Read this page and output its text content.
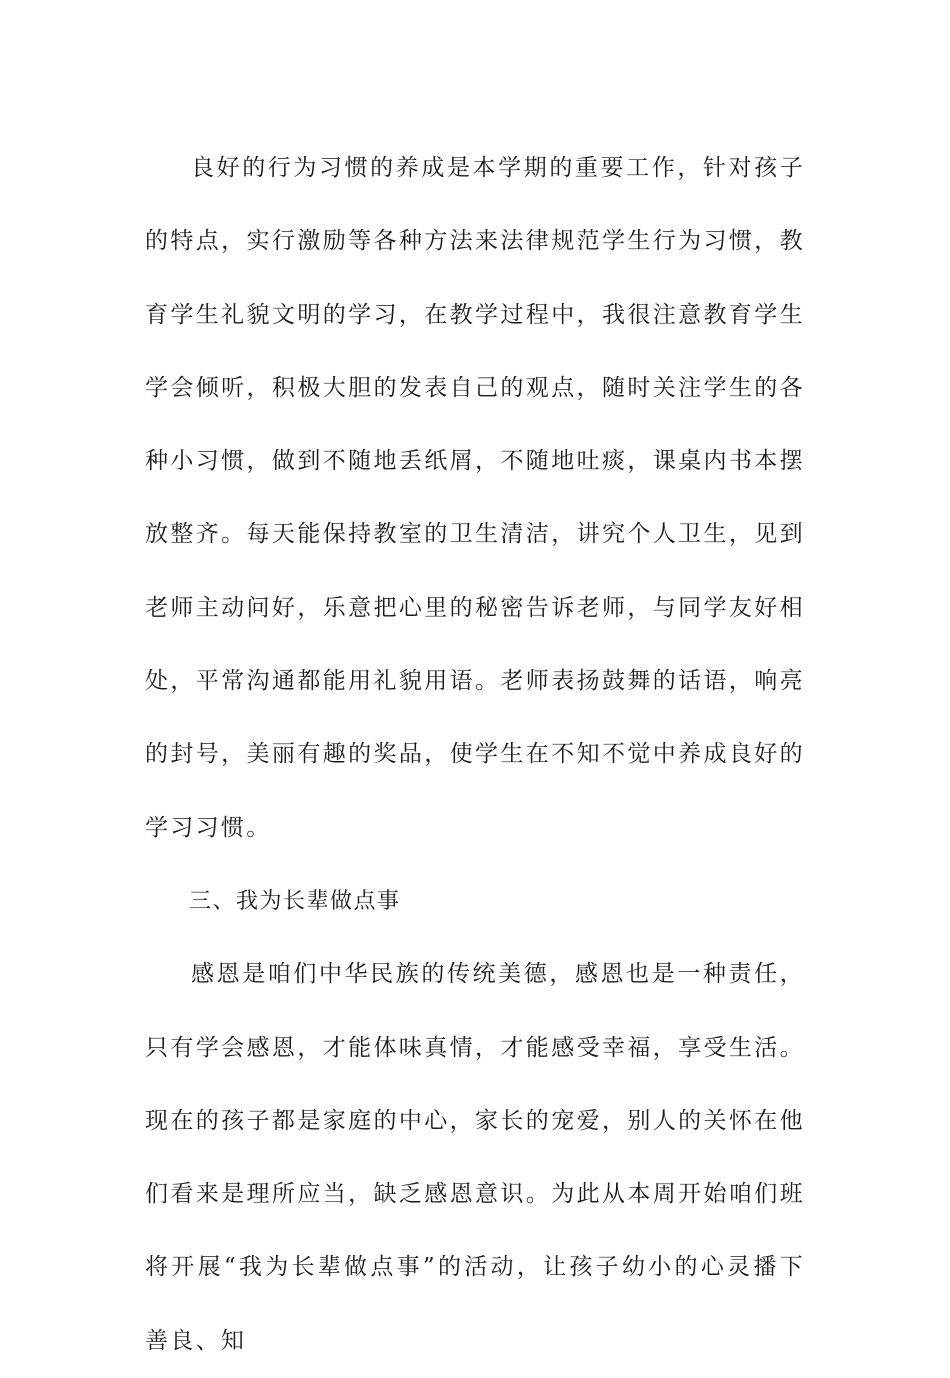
良好的行为习惯的养成是本学期的重要工作，针对孩子的特点，实行激励等各种方法来法律规范学生行为习惯，教育学生礼貌文明的学习，在教学过程中，我很注意教育学生学会倾听，积极大胆的发表自己的观点，随时关注学生的各种小习惯，做到不随地丢纸屑，不随地吐痰，课桌内书本摆放整齐。每天能保持教室的卫生清洁，讲究个人卫生，见到老师主动问好，乐意把心里的秘密告诉老师，与同学友好相处，平常沟通都能用礼貌用语。老师表扬鼓舞的话语，响亮的封号，美丽有趣的奖品，使学生在不知不觉中养成良好的学习习惯。

三、我为长辈做点事

感恩是咱们中华民族的传统美德，感恩也是一种责任，只有学会感恩，才能体味真情，才能感受幸福，享受生活。现在的孩子都是家庭的中心，家长的宠爱，别人的关怀在他们看来是理所应当，缺乏感恩意识。为此从本周开始咱们班将开展“我为长辈做点事”的活动，让孩子幼小的心灵播下善良、知
